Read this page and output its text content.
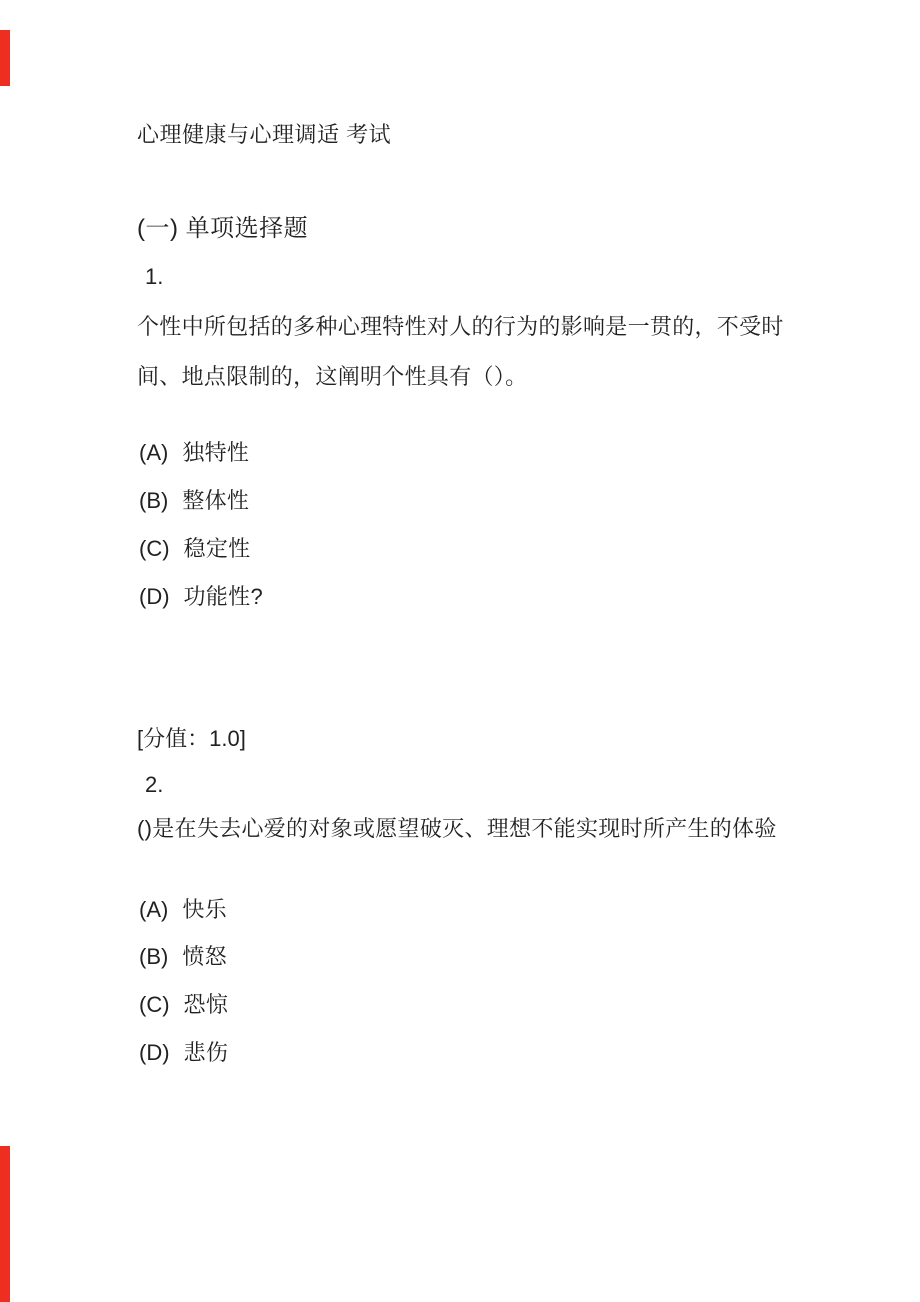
心理健康与心理调适 考试
(一) 单项选择题
1.
个性中所包括的多种心理特性对人的行为的影响是一贯的，不受时
间、地点限制的，这阐明个性具有（）。
(A) 独特性
(B) 整体性
(C) 稳定性
(D) 功能性?
[分值：1.0]
2.
()是在失去心爱的对象或愿望破灭、理想不能实现时所产生的体验
(A) 快乐
(B) 愤怒
(C) 恐惊
(D) 悲伤
